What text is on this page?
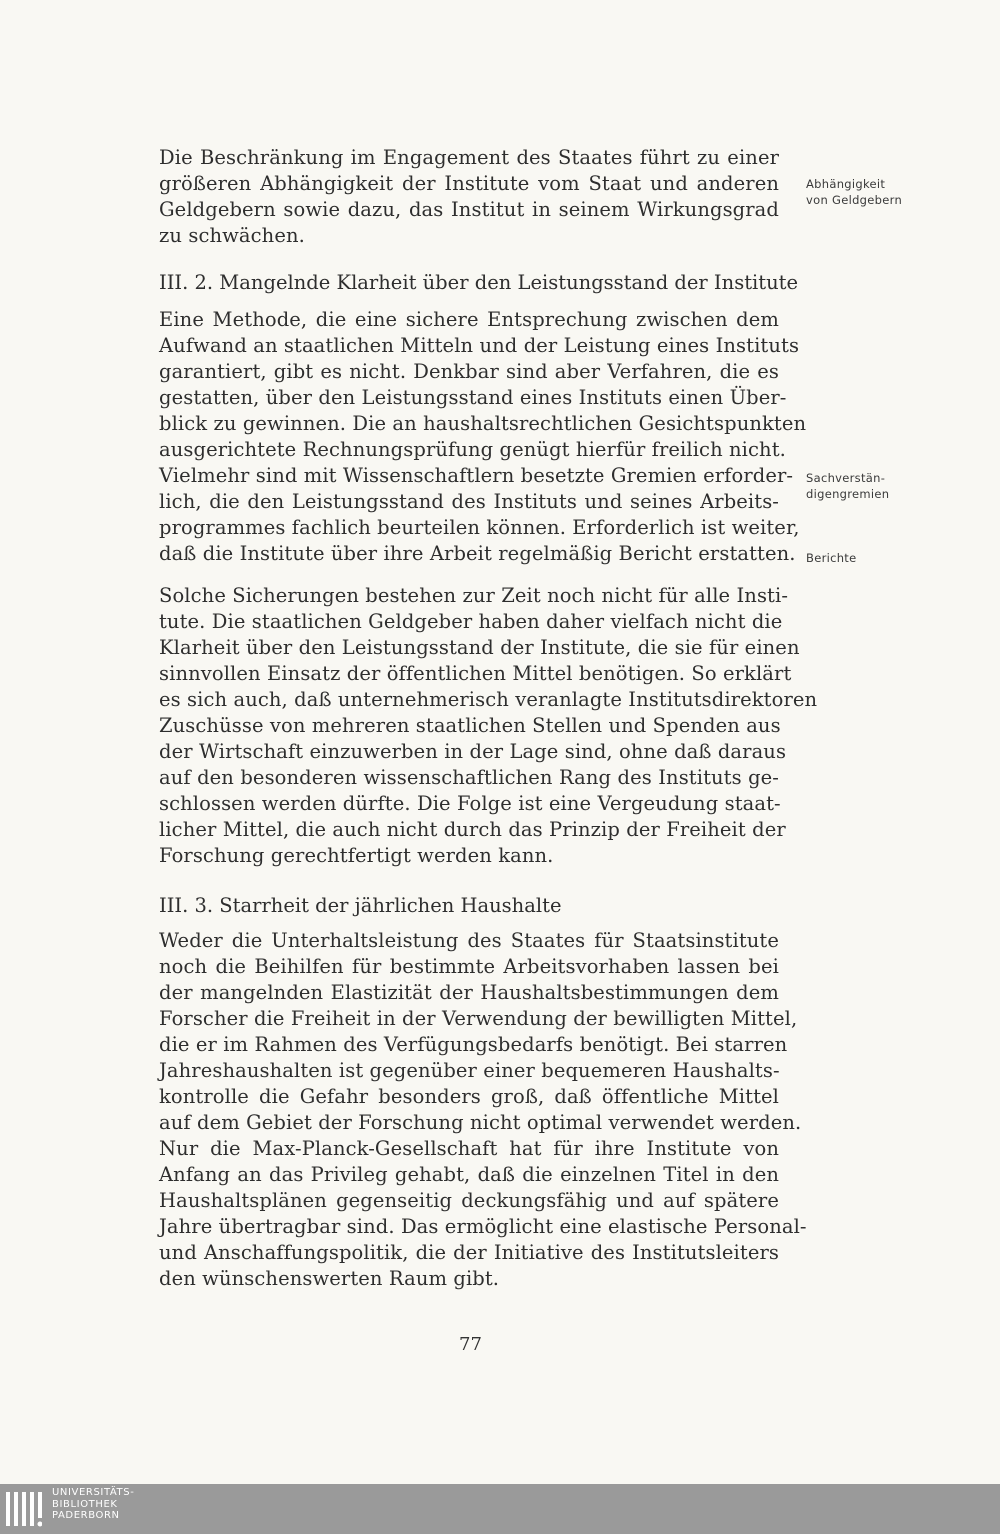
Die Beschränkung im Engagement des Staates führt zu einer
größeren Abhängigkeit der Institute vom Staat und anderen
Geldgebern sowie dazu, das Institut in seinem Wirkungsgrad
zu schwächen.
III. 2. Mangelnde Klarheit über den Leistungsstand der Institute
Eine Methode, die eine sichere Entsprechung zwischen dem
Aufwand an staatlichen Mitteln und der Leistung eines Instituts
garantiert, gibt es nicht. Denkbar sind aber Verfahren, die es
gestatten, über den Leistungsstand eines Instituts einen Über-
blick zu gewinnen. Die an haushaltsrechtlichen Gesichtspunkten
ausgerichtete Rechnungsprüfung genügt hierfür freilich nicht.
Vielmehr sind mit Wissenschaftlern besetzte Gremien erforder-
lich, die den Leistungsstand des Instituts und seines Arbeits-
programmes fachlich beurteilen können. Erforderlich ist weiter,
daß die Institute über ihre Arbeit regelmäßig Bericht erstatten.
Solche Sicherungen bestehen zur Zeit noch nicht für alle Insti-
tute. Die staatlichen Geldgeber haben daher vielfach nicht die
Klarheit über den Leistungsstand der Institute, die sie für einen
sinnvollen Einsatz der öffentlichen Mittel benötigen. So erklärt
es sich auch, daß unternehmerisch veranlagte Institutsdirektoren
Zuschüsse von mehreren staatlichen Stellen und Spenden aus
der Wirtschaft einzuwerben in der Lage sind, ohne daß daraus
auf den besonderen wissenschaftlichen Rang des Instituts ge-
schlossen werden dürfte. Die Folge ist eine Vergeudung staat-
licher Mittel, die auch nicht durch das Prinzip der Freiheit der
Forschung gerechtfertigt werden kann.
III. 3. Starrheit der jährlichen Haushalte
Weder die Unterhaltsleistung des Staates für Staatsinstitute
noch die Beihilfen für bestimmte Arbeitsvorhaben lassen bei
der mangelnden Elastizität der Haushaltsbestimmungen dem
Forscher die Freiheit in der Verwendung der bewilligten Mittel,
die er im Rahmen des Verfügungsbedarfs benötigt. Bei starren
Jahreshaushalten ist gegenüber einer bequemeren Haushalts-
kontrolle die Gefahr besonders groß, daß öffentliche Mittel
auf dem Gebiet der Forschung nicht optimal verwendet werden.
Nur die Max-Planck-Gesellschaft hat für ihre Institute von
Anfang an das Privileg gehabt, daß die einzelnen Titel in den
Haushaltsplänen gegenseitig deckungsfähig und auf spätere
Jahre übertragbar sind. Das ermöglicht eine elastische Personal-
und Anschaffungspolitik, die der Initiative des Institutsleiters
den wünschenswerten Raum gibt.
Abhängigkeit
von Geldgebern
Sachverstän-
digengremien
Berichte
77
UNIVERSITÄTS-
BIBLIOTHEK
PADERBORN
